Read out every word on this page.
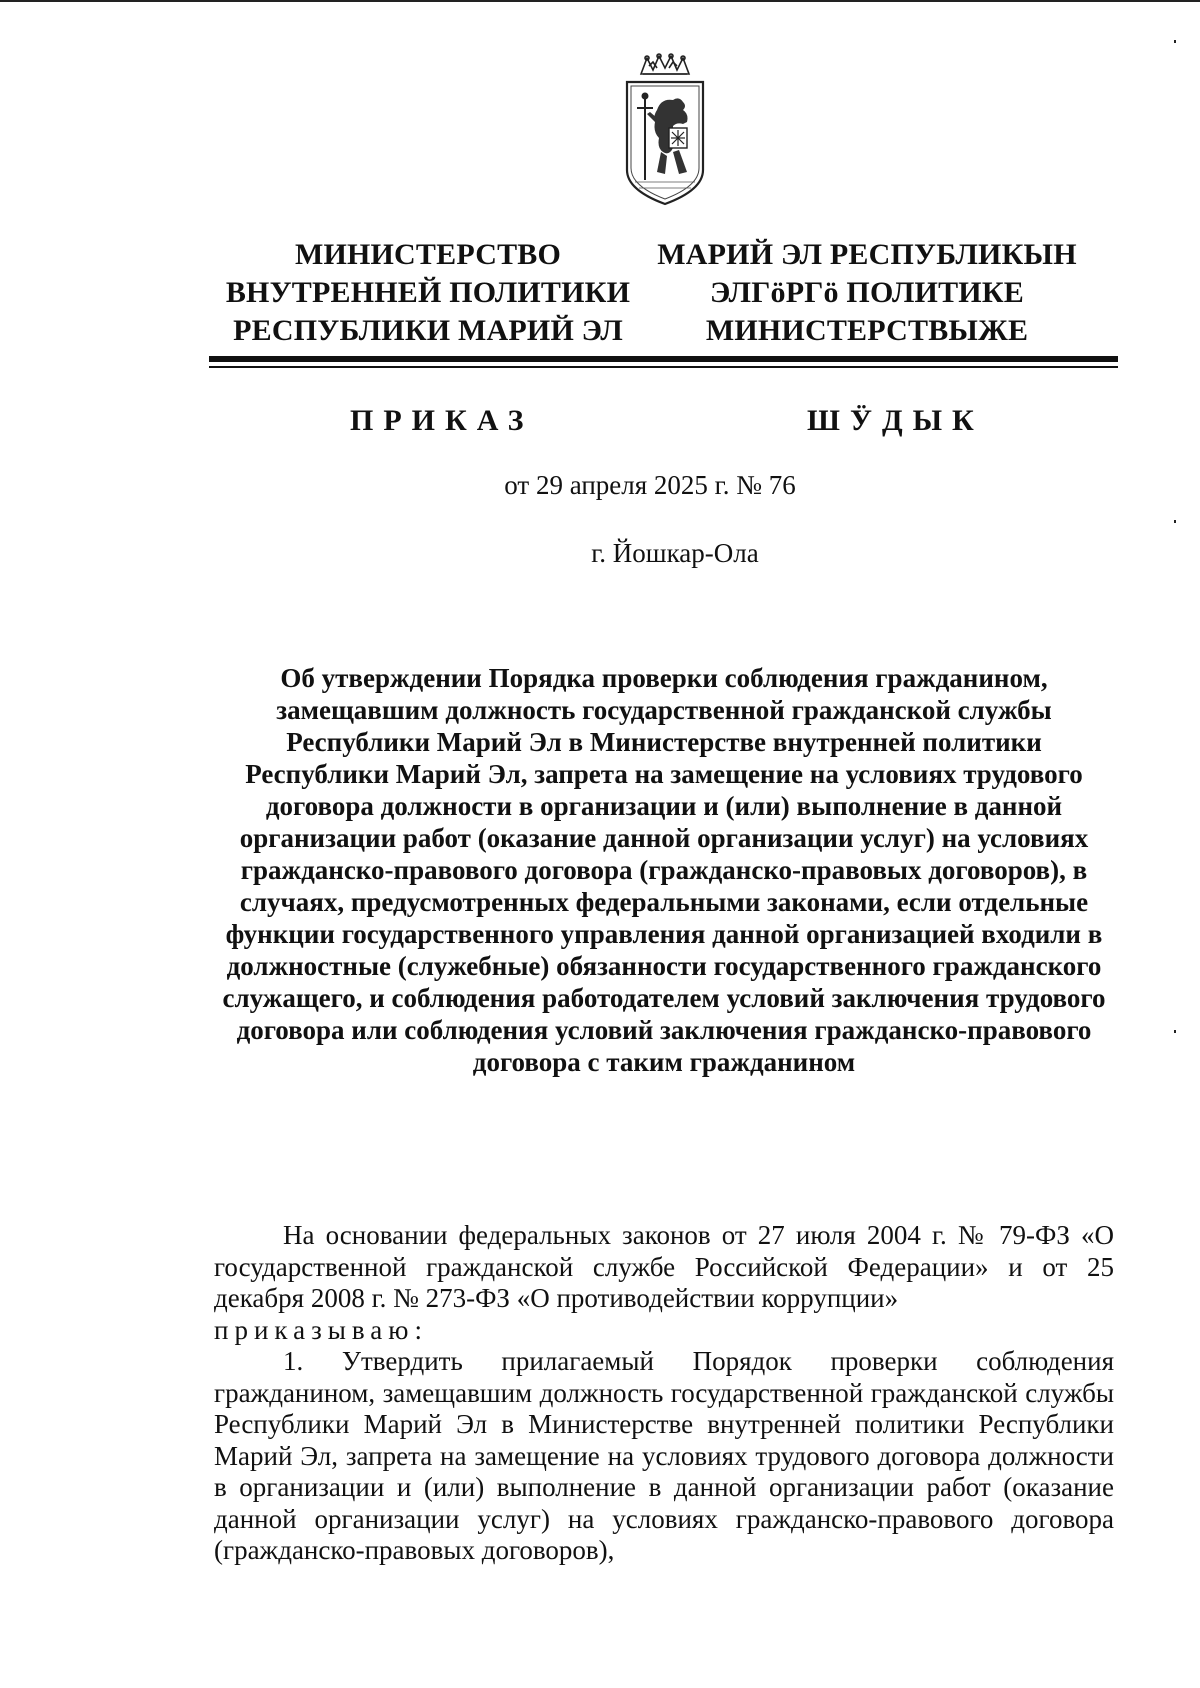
МИНИСТЕРСТВО
ВНУТРЕННЕЙ ПОЛИТИКИ
РЕСПУБЛИКИ МАРИЙ ЭЛ
МАРИЙ ЭЛ РЕСПУБЛИКЫН
ЭЛГӧРГӧ ПОЛИТИКЕ
МИНИСТЕРСТВЫЖЕ
ПРИКАЗ	ШӰДЫК
от 29 апреля 2025 г. № 76
г. Йошкар-Ола
Об утверждении Порядка проверки соблюдения гражданином, замещавшим должность государственной гражданской службы Республики Марий Эл в Министерстве внутренней политики Республики Марий Эл, запрета на замещение на условиях трудового договора должности в организации и (или) выполнение в данной организации работ (оказание данной организации услуг) на условиях гражданско-правового договора (гражданско-правовых договоров), в случаях, предусмотренных федеральными законами, если отдельные функции государственного управления данной организацией входили в должностные (служебные) обязанности государственного гражданского служащего, и соблюдения работодателем условий заключения трудового договора или соблюдения условий заключения гражданско-правового договора с таким гражданином

На основании федеральных законов от 27 июля 2004 г. № 79-ФЗ «О государственной гражданской службе Российской Федерации» и от 25 декабря 2008 г. № 273-ФЗ «О противодействии коррупции»

приказываю:

1. Утвердить прилагаемый Порядок проверки соблюдения гражданином, замещавшим должность государственной гражданской службы Республики Марий Эл в Министерстве внутренней политики Республики Марий Эл, запрета на замещение на условиях трудового договора должности в организации и (или) выполнение в данной организации работ (оказание данной организации услуг) на условиях гражданско-правового договора (гражданско-правовых договоров),
